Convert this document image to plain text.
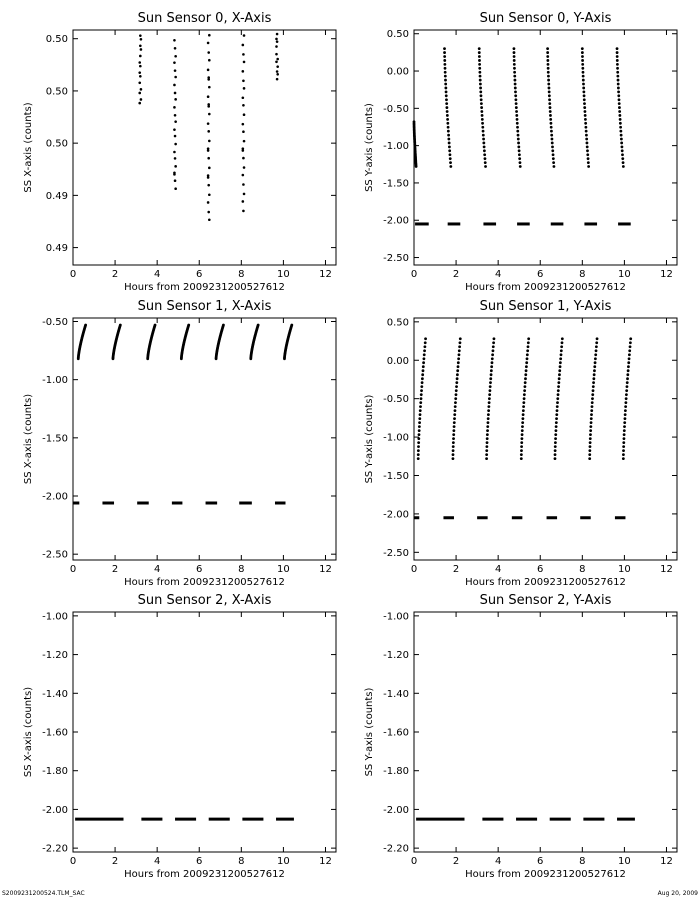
Sun Sensor 0, X-Axis
Hours from 2009231200527612
SS X-axis (counts)
0	2	4	6	8	10	12
0.49
0.49
0.50
0.50
0.50
Sun Sensor 0, Y-Axis
Hours from 2009231200527612
SS Y-axis (counts)
0	2	4	6	8	10	12
-2.50
-2.00
-1.50
-1.00
-0.50
0.00
0.50
Sun Sensor 1, X-Axis
Hours from 2009231200527612
SS X-axis (counts)
0	2	4	6	8	10	12
-2.50
-2.00
-1.50
-1.00
-0.50
Sun Sensor 1, Y-Axis
Hours from 2009231200527612
SS Y-axis (counts)
0	2	4	6	8	10	12
-2.50
-2.00
-1.50
-1.00
-0.50
0.00
0.50
Sun Sensor 2, X-Axis
Hours from 2009231200527612
SS X-axis (counts)
0	2	4	6	8	10	12
-2.20
-2.00
-1.80
-1.60
-1.40
-1.20
-1.00
Sun Sensor 2, Y-Axis
Hours from 2009231200527612
SS Y-axis (counts)
0	2	4	6	8	10	12
-2.20
-2.00
-1.80
-1.60
-1.40
-1.20
-1.00
S2009231200524.TLM_SAC	Aug 20, 2009
